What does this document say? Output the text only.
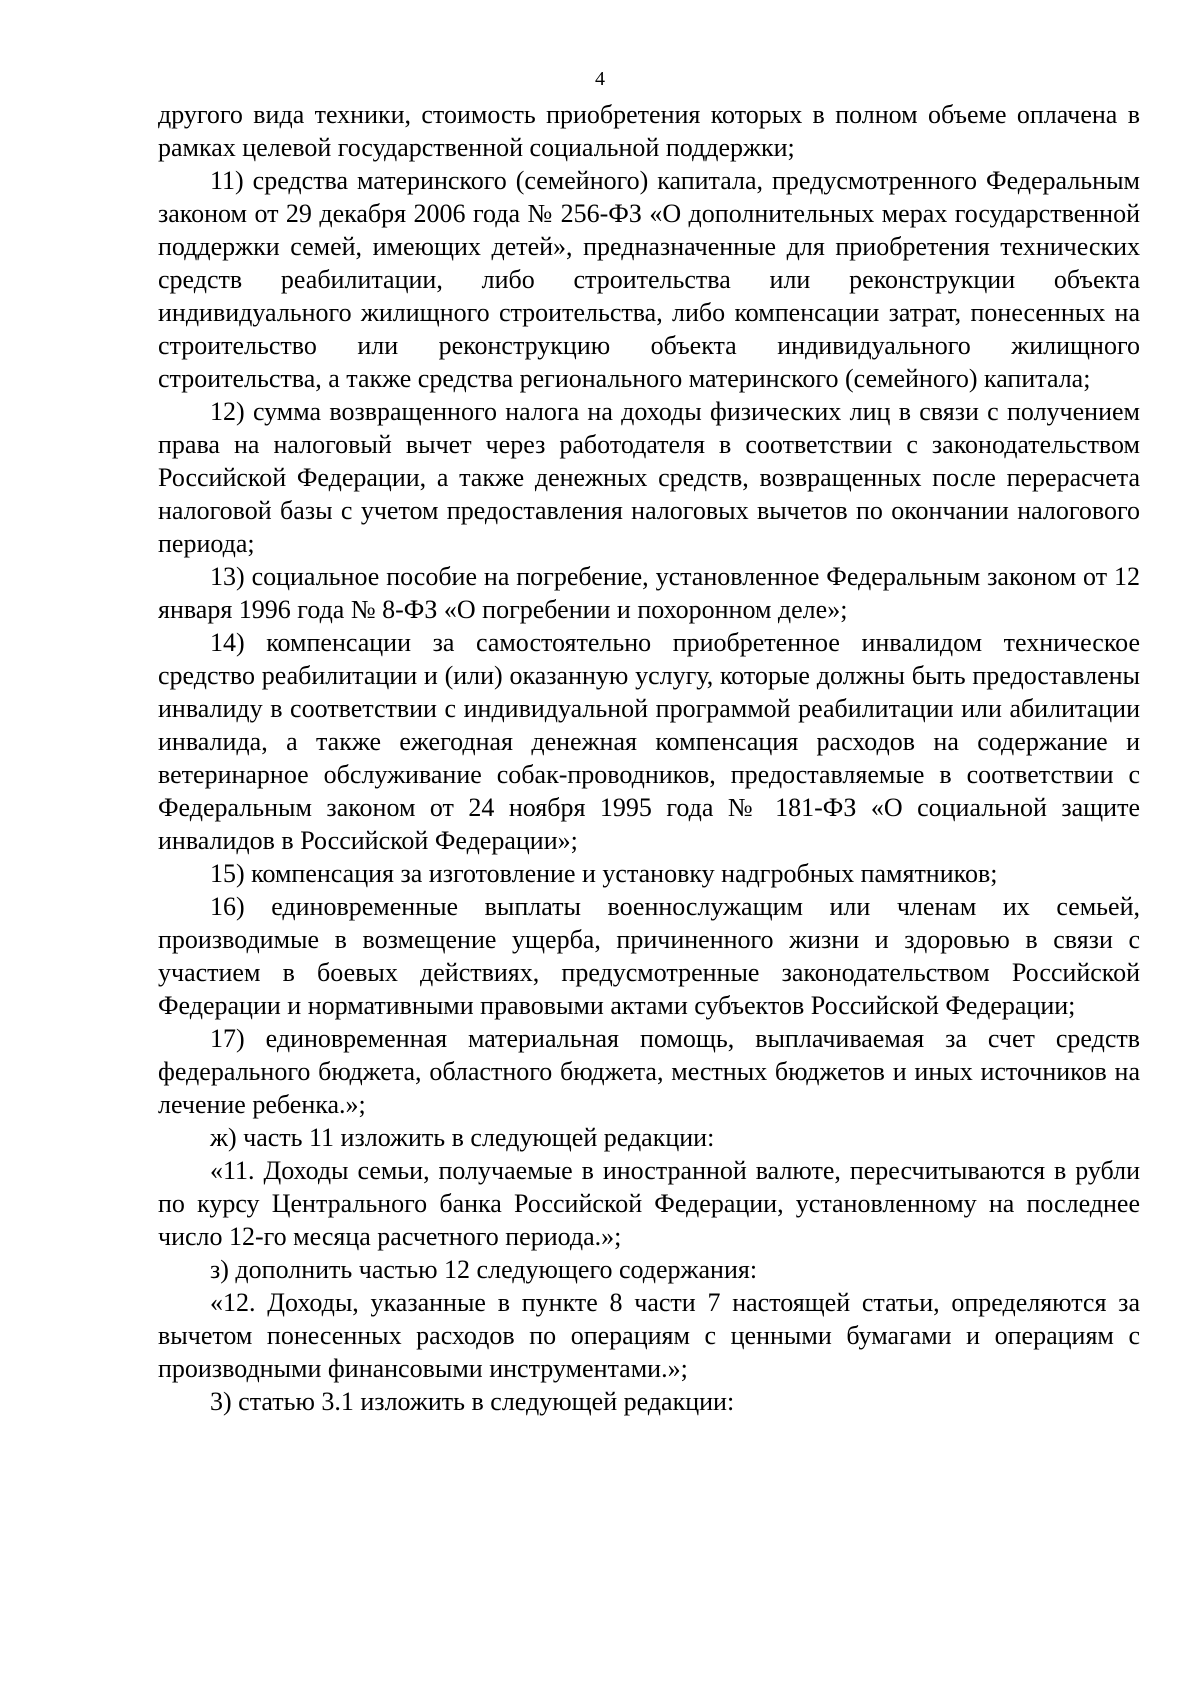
4

другого вида техники, стоимость приобретения которых в полном объеме оплачена в рамках целевой государственной социальной поддержки;

11) средства материнского (семейного) капитала, предусмотренного Федеральным законом от 29 декабря 2006 года № 256-ФЗ «О дополнительных мерах государственной поддержки семей, имеющих детей», предназначенные для приобретения технических средств реабилитации, либо строительства или реконструкции объекта индивидуального жилищного строительства, либо компенсации затрат, понесенных на строительство или реконструкцию объекта индивидуального жилищного строительства, а также средства регионального материнского (семейного) капитала;

12) сумма возвращенного налога на доходы физических лиц в связи с получением права на налоговый вычет через работодателя в соответствии с законодательством Российской Федерации, а также денежных средств, возвращенных после перерасчета налоговой базы с учетом предоставления налоговых вычетов по окончании налогового периода;

13) социальное пособие на погребение, установленное Федеральным законом от 12 января 1996 года № 8-ФЗ «О погребении и похоронном деле»;

14) компенсации за самостоятельно приобретенное инвалидом техническое средство реабилитации и (или) оказанную услугу, которые должны быть предоставлены инвалиду в соответствии с индивидуальной программой реабилитации или абилитации инвалида, а также ежегодная денежная компенсация расходов на содержание и ветеринарное обслуживание собак-проводников, предоставляемые в соответствии с Федеральным законом от 24 ноября 1995 года № 181-ФЗ «О социальной защите инвалидов в Российской Федерации»;

15) компенсация за изготовление и установку надгробных памятников;

16) единовременные выплаты военнослужащим или членам их семьей, производимые в возмещение ущерба, причиненного жизни и здоровью в связи с участием в боевых действиях, предусмотренные законодательством Российской Федерации и нормативными правовыми актами субъектов Российской Федерации;

17) единовременная материальная помощь, выплачиваемая за счет средств федерального бюджета, областного бюджета, местных бюджетов и иных источников на лечение ребенка.»;

ж) часть 11 изложить в следующей редакции:

«11. Доходы семьи, получаемые в иностранной валюте, пересчитываются в рубли по курсу Центрального банка Российской Федерации, установленному на последнее число 12-го месяца расчетного периода.»;

з) дополнить частью 12 следующего содержания:

«12. Доходы, указанные в пункте 8 части 7 настоящей статьи, определяются за вычетом понесенных расходов по операциям с ценными бумагами и операциям с производными финансовыми инструментами.»;

3) статью 3.1 изложить в следующей редакции:
